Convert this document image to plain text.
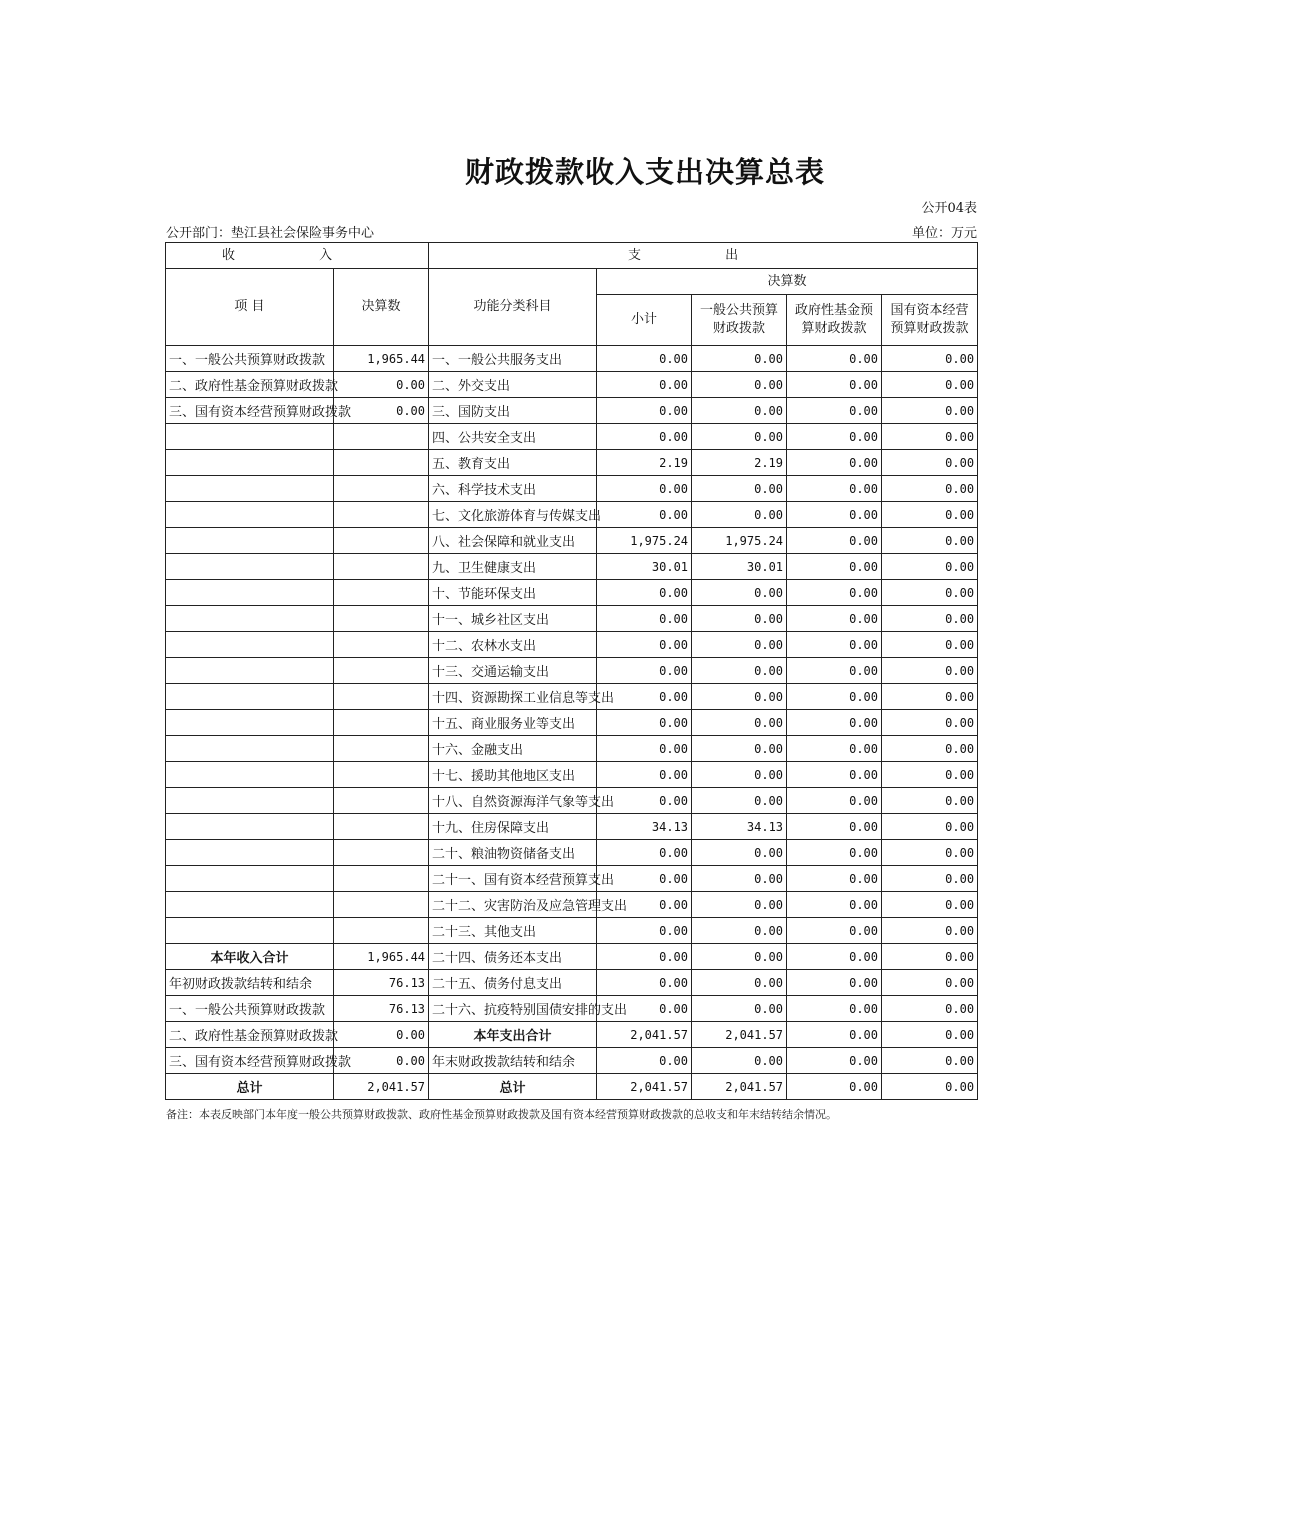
财政拨款收入支出决算总表
公开04表
公开部门：垫江县社会保险事务中心	单位：万元
收 入		支 出				
项 目	决算数	功能分类科目	决算数			
			小计	一般公共预算财政拨款	政府性基金预算财政拨款	国有资本经营预算财政拨款
一、一般公共预算财政拨款	1,965.44	一、一般公共服务支出	0.00	0.00	0.00	0.00
二、政府性基金预算财政拨款	0.00	二、外交支出	0.00	0.00	0.00	0.00
三、国有资本经营预算财政拨款	0.00	三、国防支出	0.00	0.00	0.00	0.00
		四、公共安全支出	0.00	0.00	0.00	0.00
		五、教育支出	2.19	2.19	0.00	0.00
		六、科学技术支出	0.00	0.00	0.00	0.00
		七、文化旅游体育与传媒支出	0.00	0.00	0.00	0.00
		八、社会保障和就业支出	1,975.24	1,975.24	0.00	0.00
		九、卫生健康支出	30.01	30.01	0.00	0.00
		十、节能环保支出	0.00	0.00	0.00	0.00
		十一、城乡社区支出	0.00	0.00	0.00	0.00
		十二、农林水支出	0.00	0.00	0.00	0.00
		十三、交通运输支出	0.00	0.00	0.00	0.00
		十四、资源勘探工业信息等支出	0.00	0.00	0.00	0.00
		十五、商业服务业等支出	0.00	0.00	0.00	0.00
		十六、金融支出	0.00	0.00	0.00	0.00
		十七、援助其他地区支出	0.00	0.00	0.00	0.00
		十八、自然资源海洋气象等支出	0.00	0.00	0.00	0.00
		十九、住房保障支出	34.13	34.13	0.00	0.00
		二十、粮油物资储备支出	0.00	0.00	0.00	0.00
		二十一、国有资本经营预算支出	0.00	0.00	0.00	0.00
		二十二、灾害防治及应急管理支出	0.00	0.00	0.00	0.00
		二十三、其他支出	0.00	0.00	0.00	0.00
本年收入合计	1,965.44	二十四、债务还本支出	0.00	0.00	0.00	0.00
年初财政拨款结转和结余	76.13	二十五、债务付息支出	0.00	0.00	0.00	0.00
一、一般公共预算财政拨款	76.13	二十六、抗疫特别国债安排的支出	0.00	0.00	0.00	0.00
二、政府性基金预算财政拨款	0.00	本年支出合计	2,041.57	2,041.57	0.00	0.00
三、国有资本经营预算财政拨款	0.00	年末财政拨款结转和结余	0.00	0.00	0.00	0.00
总计	2,041.57	总计	2,041.57	2,041.57	0.00	0.00
备注：本表反映部门本年度一般公共预算财政拨款、政府性基金预算财政拨款及国有资本经营预算财政拨款的总收支和年末结转结余情况。
